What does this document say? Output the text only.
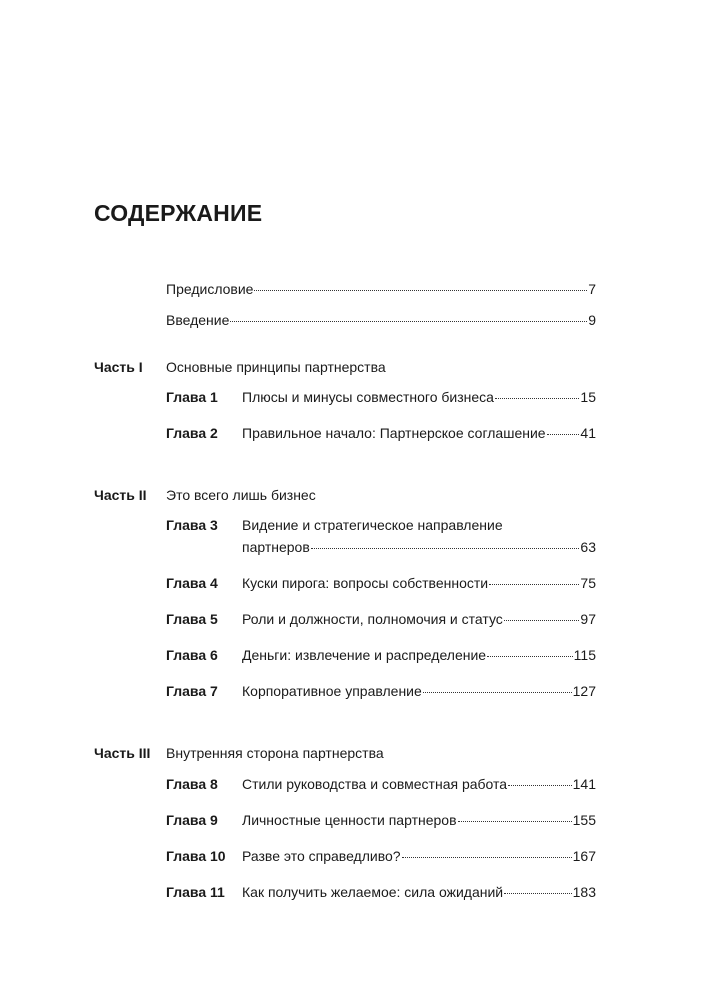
СОДЕРЖАНИЕ
Предисловие	7
Введение	9
Часть I Основные принципы партнерства
Глава 1 Плюсы и минусы совместного бизнеса	15
Глава 2 Правильное начало: Партнерское соглашение 41
Часть II Это всего лишь бизнес
Глава 3 Видение и стратегическое направление
партнеров	63
Глава 4 Куски пирога: вопросы собственности	75
Глава 5 Роли и должности, полномочия и статус	97
Глава 6 Деньги: извлечение и распределение	115
Глава 7 Корпоративное управление	127
Часть III Внутренняя сторона партнерства
Глава 8 Стили руководства и совместная работа	141
Глава 9 Личностные ценности партнеров	155
Глава 10 Разве это справедливо?	167
Глава 11 Как получить желаемое: сила ожиданий	183
